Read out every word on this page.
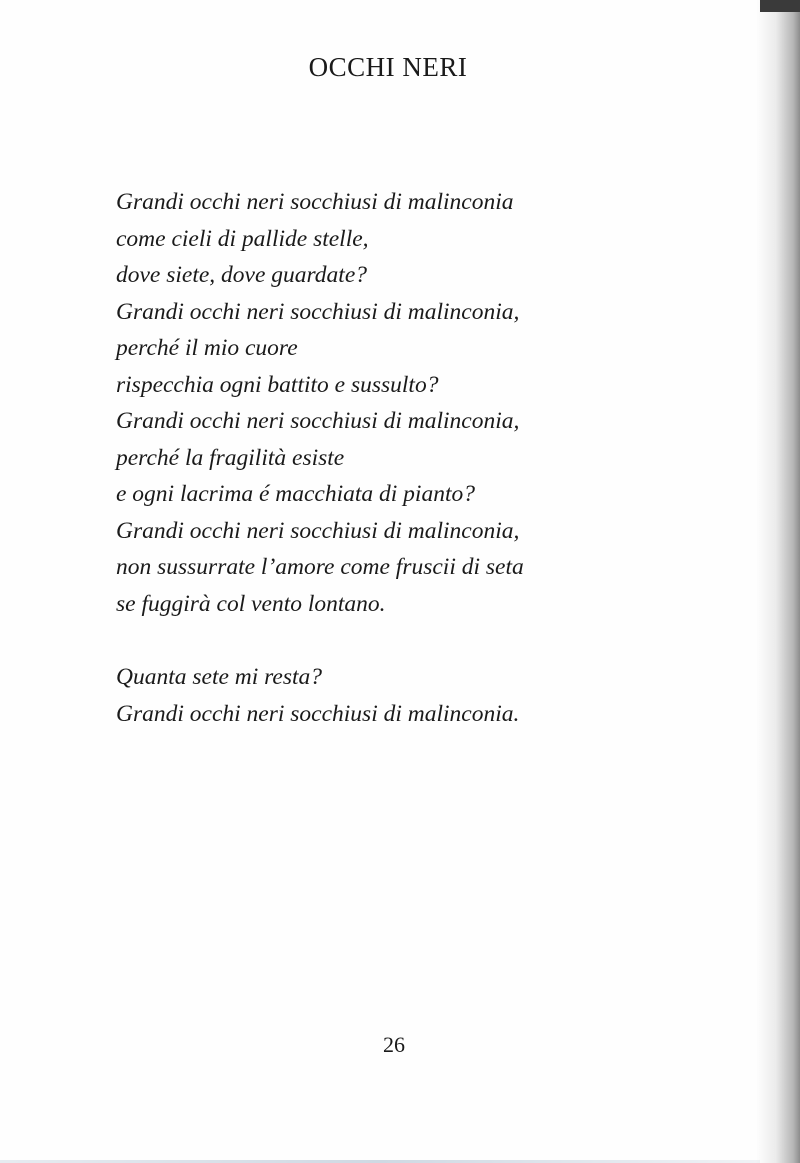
OCCHI NERI
Grandi occhi neri socchiusi di malinconia
come cieli di pallide stelle,
dove siete, dove guardate?
Grandi occhi neri socchiusi di malinconia,
perché il mio cuore
rispecchia ogni battito e sussulto?
Grandi occhi neri socchiusi di malinconia,
perché la fragilità esiste
e ogni lacrima é macchiata di pianto?
Grandi occhi neri socchiusi di malinconia,
non sussurrate l’amore come fruscii di seta
se fuggirà col vento lontano.
Quanta sete mi resta?
Grandi occhi neri socchiusi di malinconia.
26
